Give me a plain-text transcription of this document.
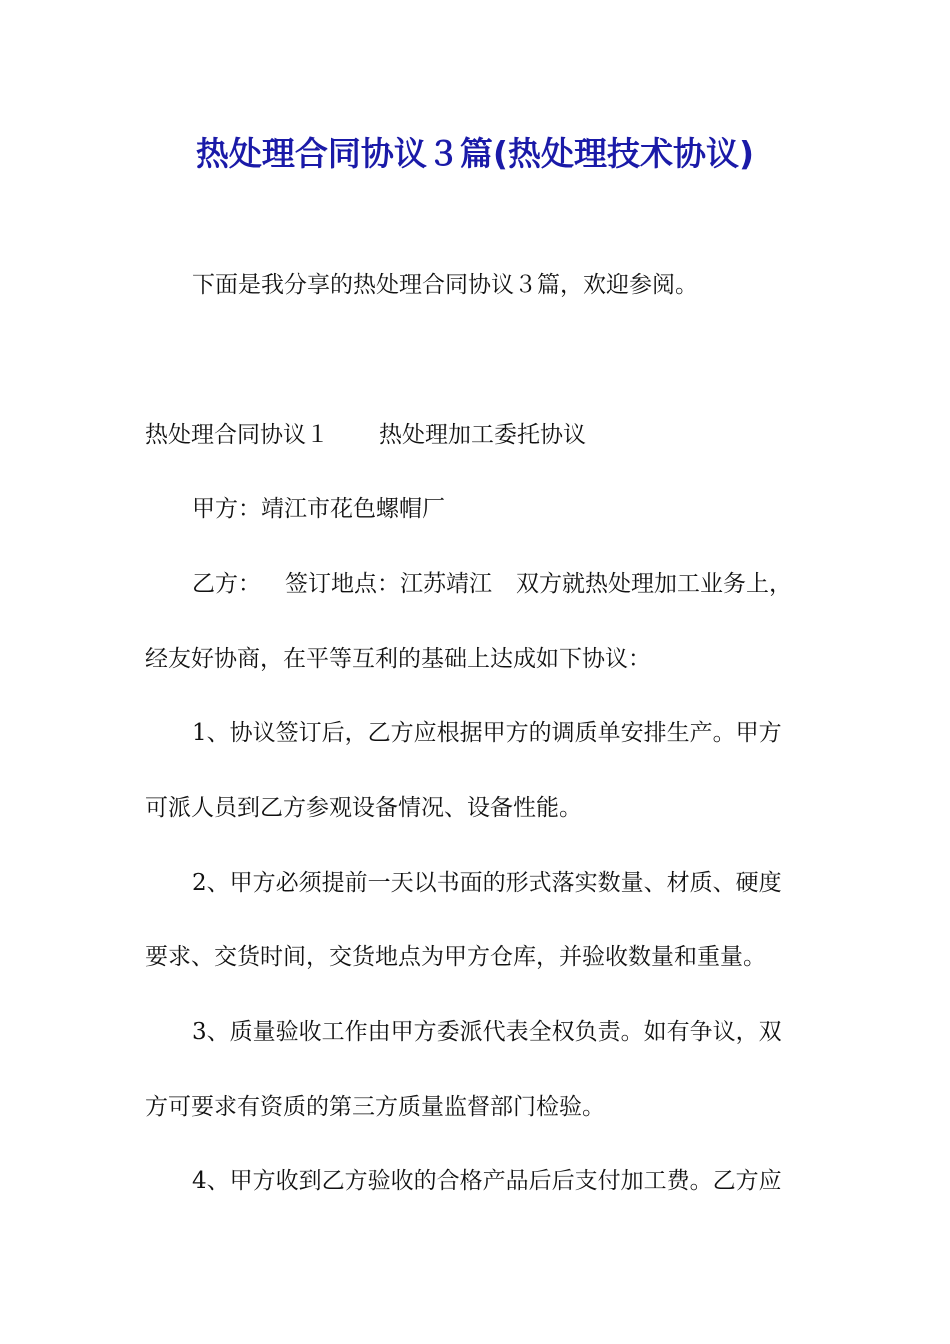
热处理合同协议３篇(热处理技术协议)
下面是我分享的热处理合同协议３篇，欢迎参阅。
热处理合同协议１ 热处理加工委托协议
甲方：靖江市花色螺帽厂
乙方： 签订地点：江苏靖江 双方就热处理加工业务上，
经友好协商，在平等互利的基础上达成如下协议：
1、协议签订后，乙方应根据甲方的调质单安排生产。甲方
可派人员到乙方参观设备情况、设备性能。
2、甲方必须提前一天以书面的形式落实数量、材质、硬度
要求、交货时间，交货地点为甲方仓库，并验收数量和重量。
3、质量验收工作由甲方委派代表全权负责。如有争议，双
方可要求有资质的第三方质量监督部门检验。
4、甲方收到乙方验收的合格产品后后支付加工费。乙方应
